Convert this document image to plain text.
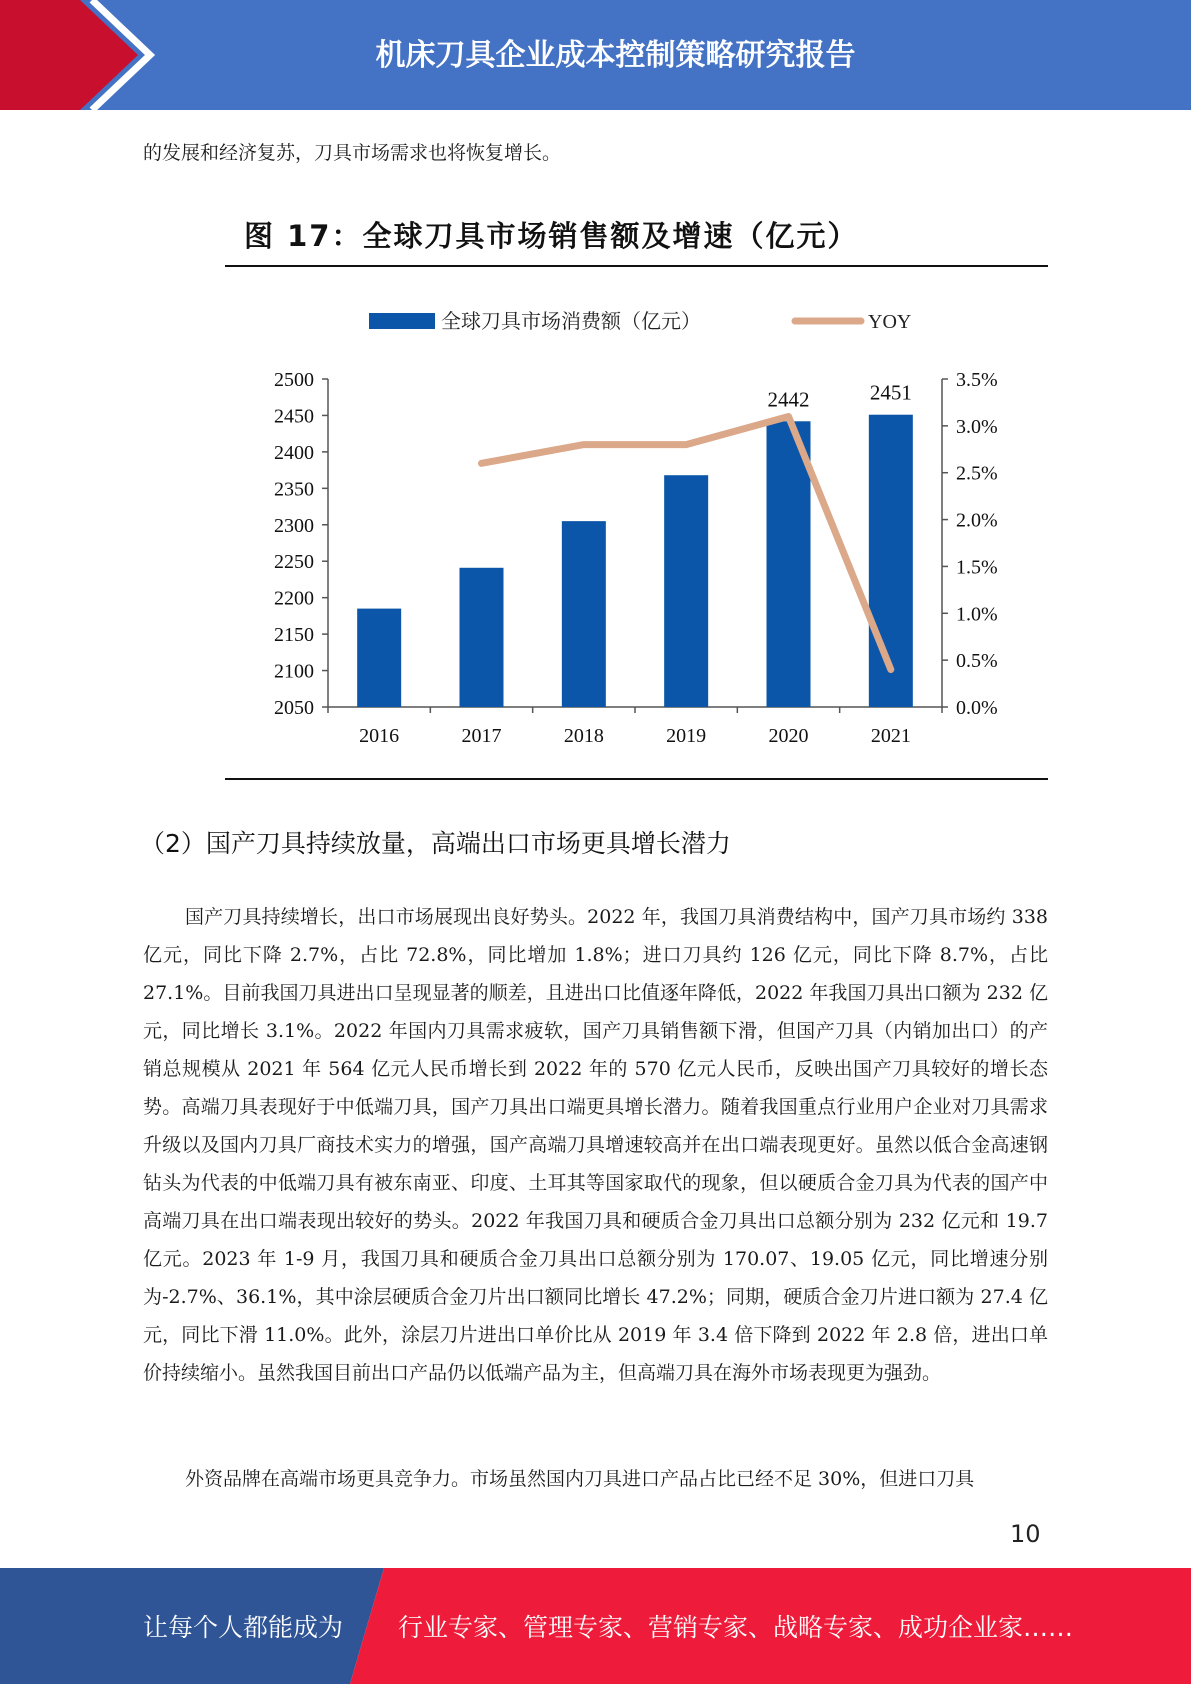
机床刀具企业成本控制策略研究报告

的发展和经济复苏，刀具市场需求也将恢复增长。

图 17：全球刀具市场销售额及增速（亿元）
全球刀具市场消费额（亿元）	YOY
2500
2450
2400
2350
2300
2250
2200
2150
2100
2050
3.5%
3.0%
2.5%
2.0%
1.5%
1.0%
0.5%
0.0%
2016	2017	2018	2019	2020	2021
2442	2451
（2）国产刀具持续放量，高端出口市场更具增长潜力

国产刀具持续增长，出口市场展现出良好势头。2022 年，我国刀具消费结构中，国产刀具市场约 338 亿元，同比下降 2.7%，占比 72.8%，同比增加 1.8%；进口刀具约 126 亿元，同比下降 8.7%，占比 27.1%。目前我国刀具进出口呈现显著的顺差，且进出口比值逐年降低，2022 年我国刀具出口额为 232 亿元，同比增长 3.1%。2022 年国内刀具需求疲软，国产刀具销售额下滑，但国产刀具（内销加出口）的产销总规模从 2021 年 564 亿元人民币增长到 2022 年的 570 亿元人民币，反映出国产刀具较好的增长态势。高端刀具表现好于中低端刀具，国产刀具出口端更具增长潜力。随着我国重点行业用户企业对刀具需求升级以及国内刀具厂商技术实力的增强，国产高端刀具增速较高并在出口端表现更好。虽然以低合金高速钢钻头为代表的中低端刀具有被东南亚、印度、土耳其等国家取代的现象，但以硬质合金刀具为代表的国产中高端刀具在出口端表现出较好的势头。2022 年我国刀具和硬质合金刀具出口总额分别为 232 亿元和 19.7 亿元。2023 年 1-9 月，我国刀具和硬质合金刀具出口总额分别为 170.07、19.05 亿元，同比增速分别为-2.7%、36.1%，其中涂层硬质合金刀片出口额同比增长 47.2%；同期，硬质合金刀片进口额为 27.4 亿元，同比下滑 11.0%。此外，涂层刀片进出口单价比从 2019 年 3.4 倍下降到 2022 年 2.8 倍，进出口单价持续缩小。虽然我国目前出口产品仍以低端产品为主，但高端刀具在海外市场表现更为强劲。

外资品牌在高端市场更具竞争力。市场虽然国内刀具进口产品占比已经不足 30%，但进口刀具

10
让每个人都能成为 行业专家、管理专家、营销专家、战略专家、成功企业家……
